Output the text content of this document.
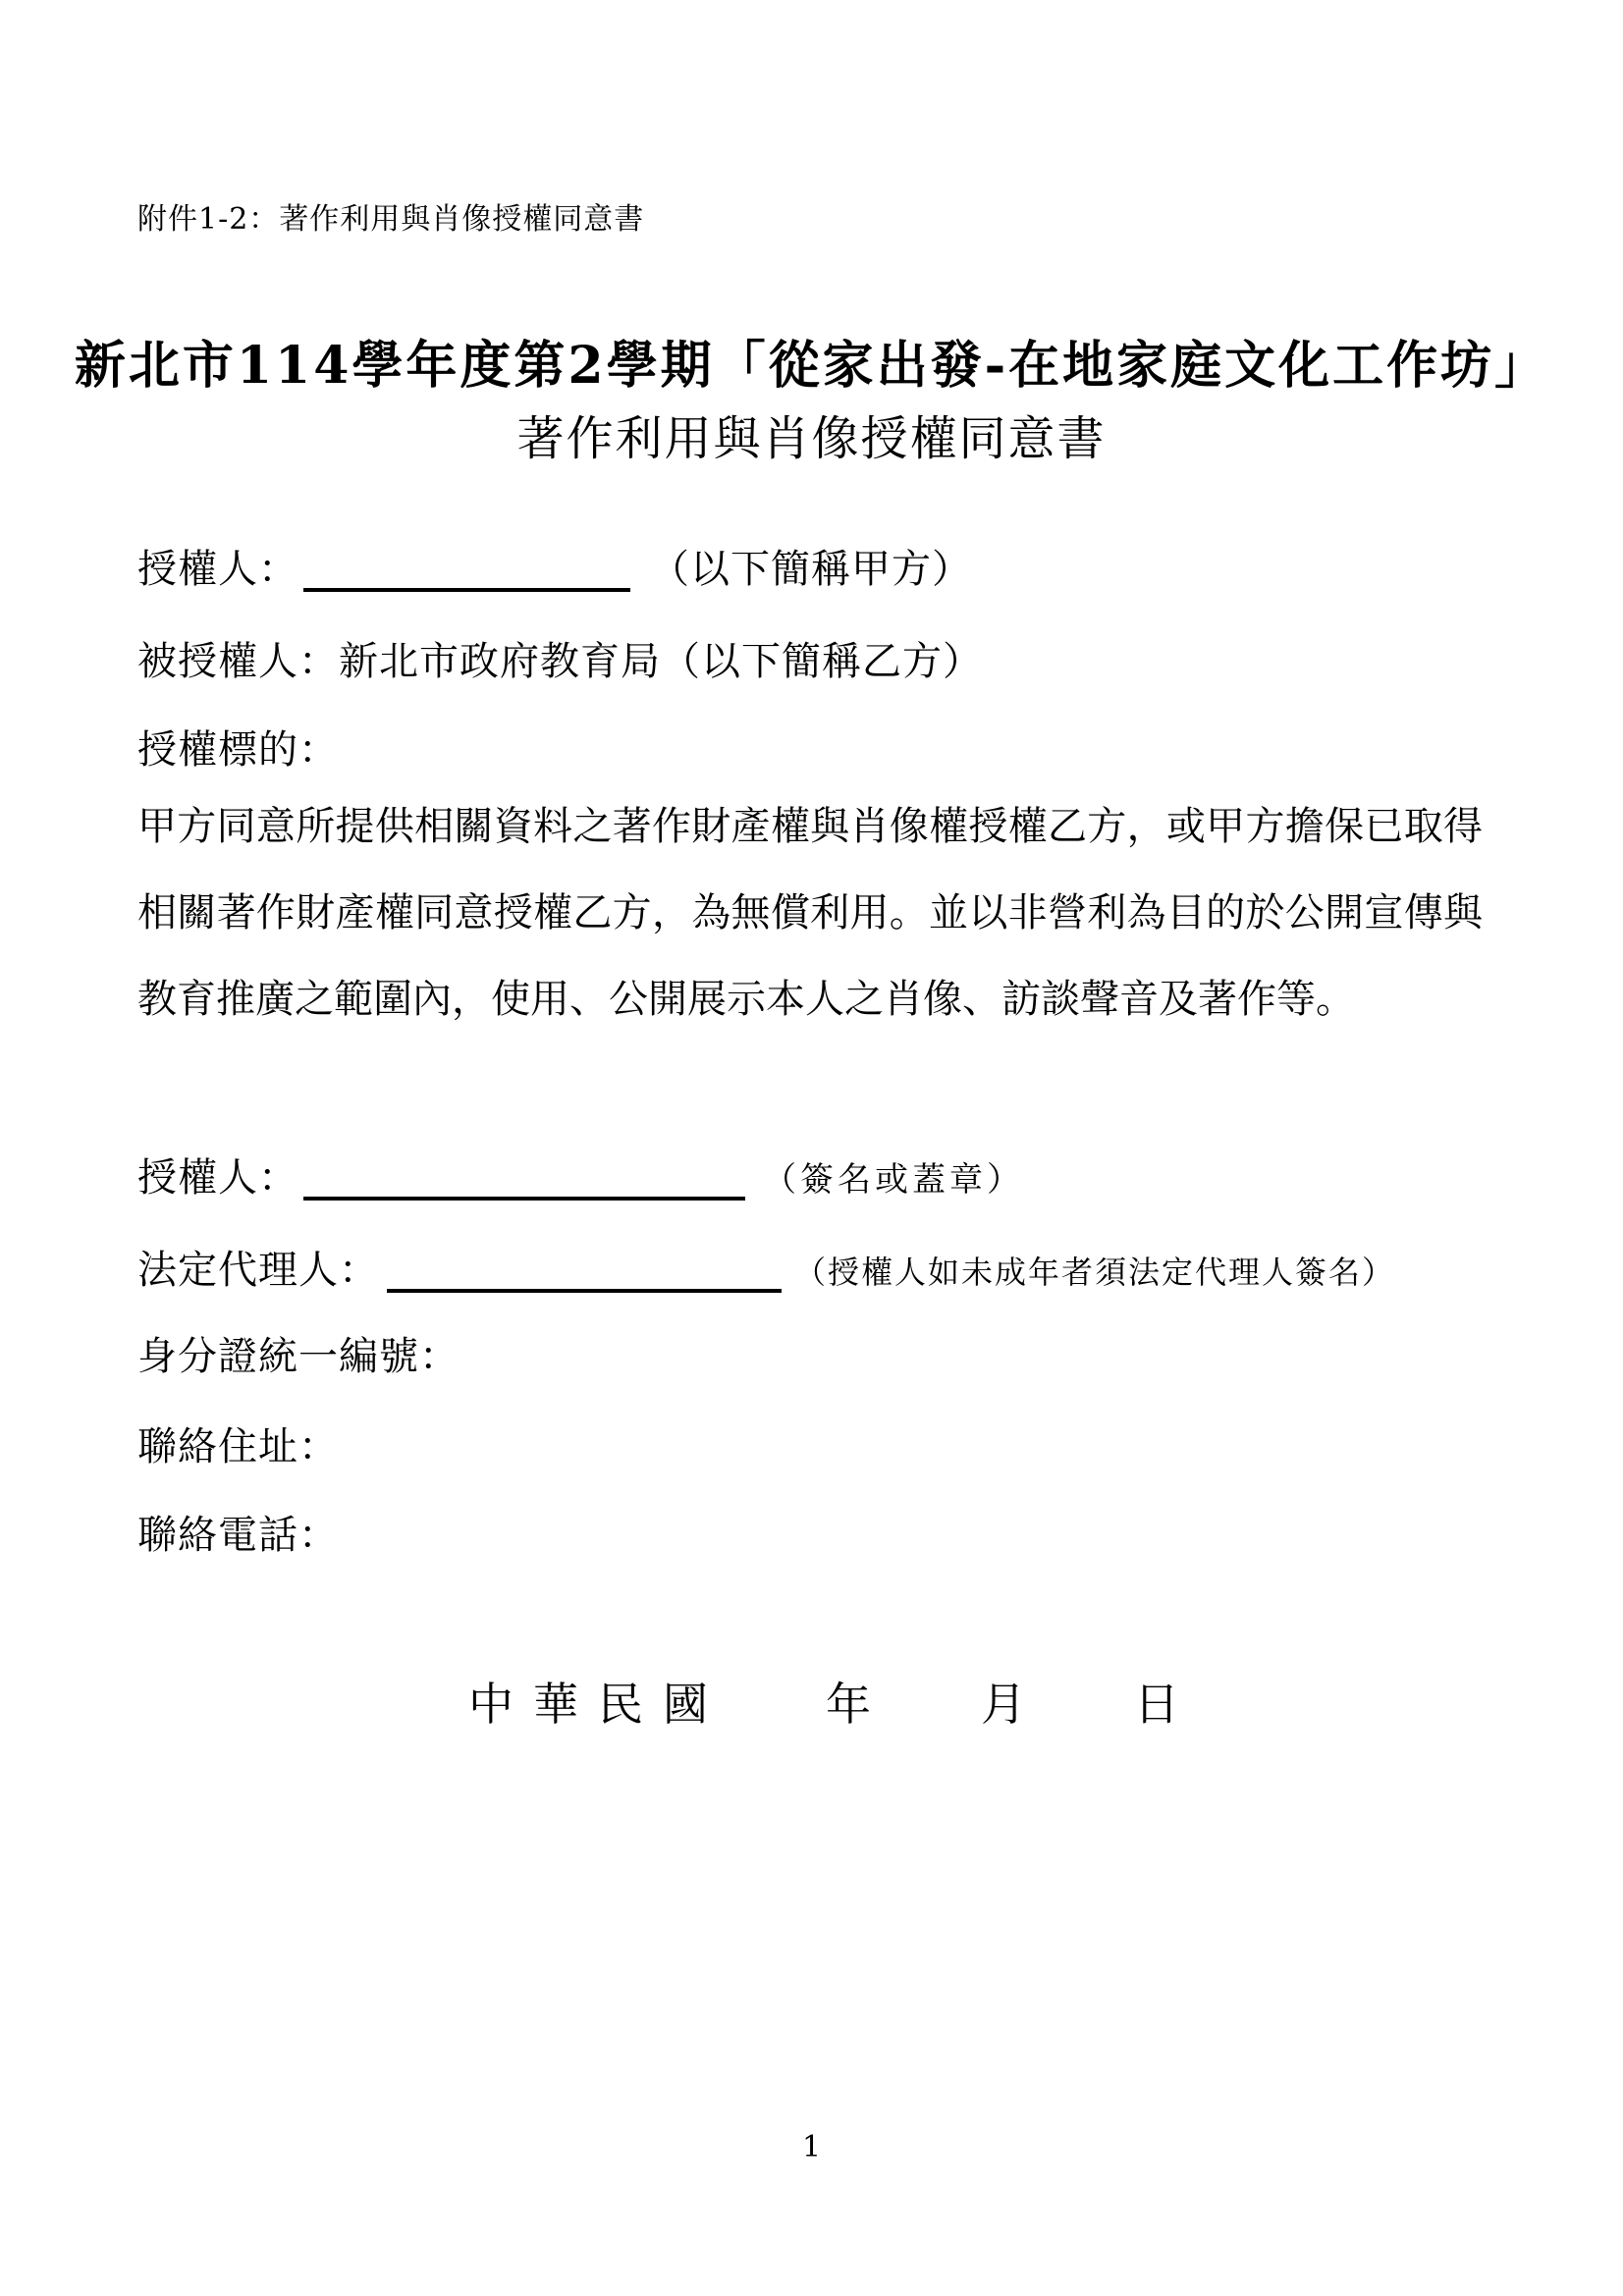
附件1-2：著作利用與肖像授權同意書
新北市114學年度第2學期「從家出發-在地家庭文化工作坊」
著作利用與肖像授權同意書
授權人：	（以下簡稱甲方）
被授權人：新北市政府教育局（以下簡稱乙方）
授權標的：
甲方同意所提供相關資料之著作財產權與肖像權授權乙方，或甲方擔保已取得
相關著作財產權同意授權乙方，為無償利用。並以非營利為目的於公開宣傳與
教育推廣之範圍內，使用、公開展示本人之肖像、訪談聲音及著作等。
授權人：	（簽名或蓋章）
法定代理人：	（授權人如未成年者須法定代理人簽名）
身分證統一編號：
聯絡住址：
聯絡電話：
中華民國 年 月 日
1
